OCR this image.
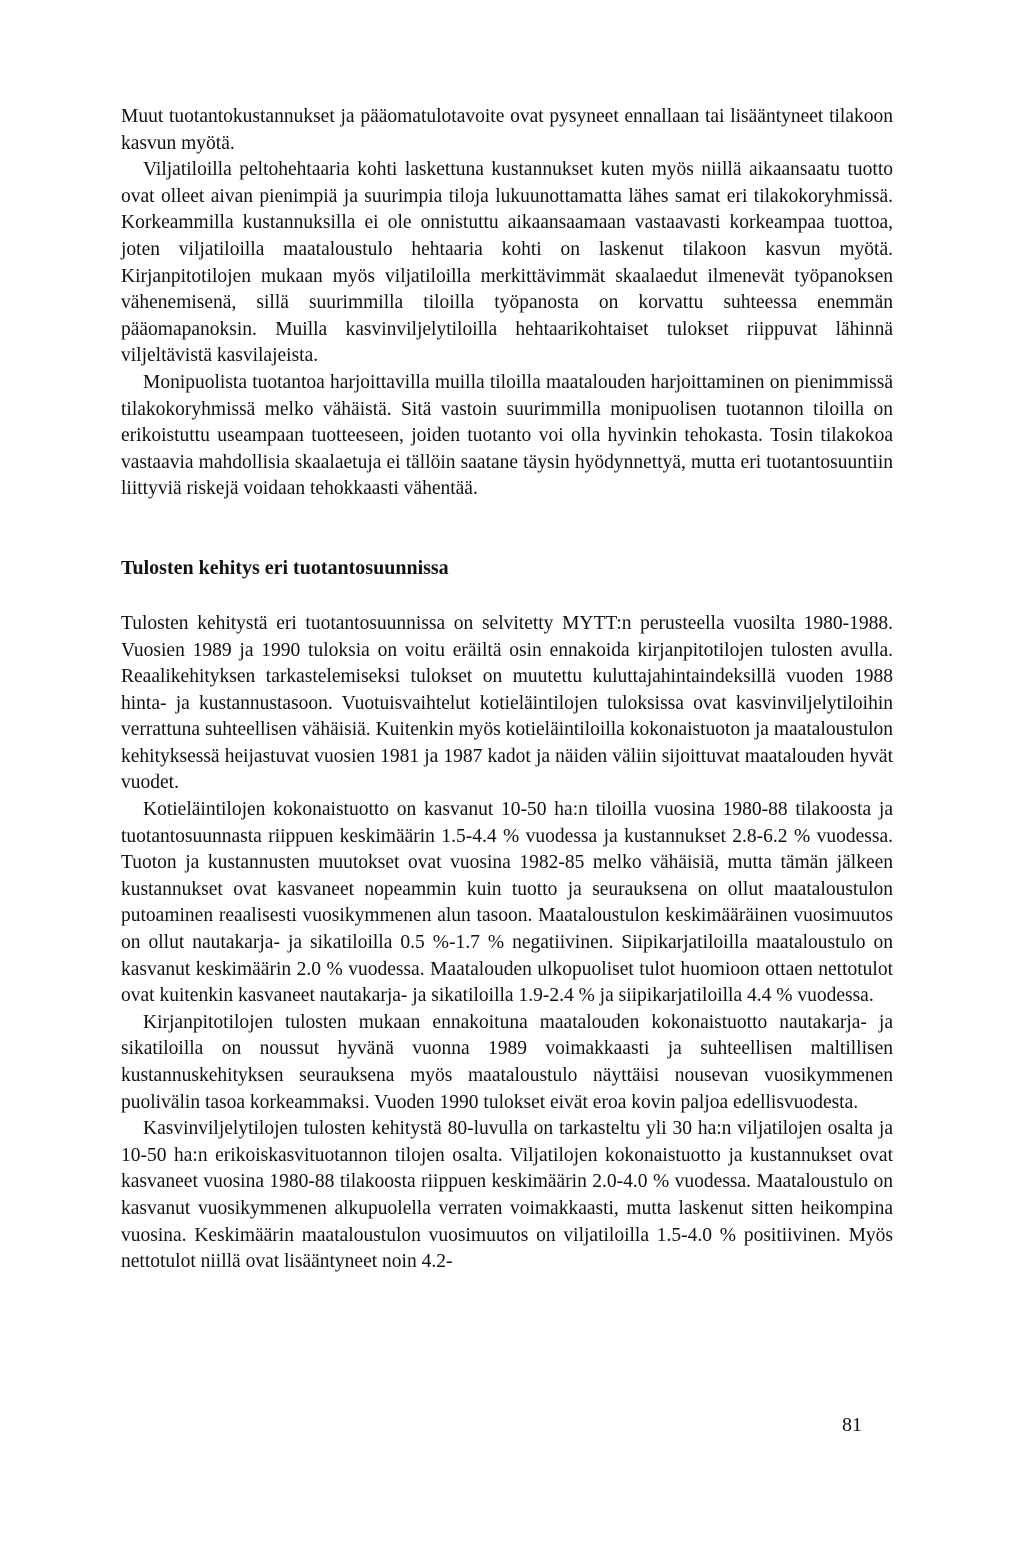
Muut tuotantokustannukset ja pääomatulotavoite ovat pysyneet ennallaan tai lisääntyneet tilakoon kasvun myötä.

Viljatiloilla peltohehtaaria kohti laskettuna kustannukset kuten myös niillä aikaansaatu tuotto ovat olleet aivan pienimpiä ja suurimpia tiloja lukuunottamatta lähes samat eri tilakokoryhmissä. Korkeammilla kustannuksilla ei ole onnistuttu aikaansaamaan vastaavasti korkeampaa tuottoa, joten viljatiloilla maataloustulo hehtaaria kohti on laskenut tilakoon kasvun myötä. Kirjanpitotilojen mukaan myös viljatiloilla merkittävimmät skaalaedut ilmenevät työpanoksen vähenemisenä, sillä suurimmilla tiloilla työpanosta on korvattu suhteessa enemmän pääomapanoksin. Muilla kasvinviljelytiloilla hehtaarikohtaiset tulokset riippuvat lähinnä viljeltävistä kasvilajeista.

Monipuolista tuotantoa harjoittavilla muilla tiloilla maatalouden harjoittaminen on pienimmissä tilakokoryhmissä melko vähäistä. Sitä vastoin suurimmilla monipuolisen tuotannon tiloilla on erikoistuttu useampaan tuotteeseen, joiden tuotanto voi olla hyvinkin tehokasta. Tosin tilakokoa vastaavia mahdollisia skaalaetuja ei tällöin saatane täysin hyödynnettyä, mutta eri tuotantosuuntiin liittyviä riskejä voidaan tehokkaasti vähentää.

Tulosten kehitys eri tuotantosuunnissa

Tulosten kehitystä eri tuotantosuunnissa on selvitetty MYTT:n perusteella vuosilta 1980-1988. Vuosien 1989 ja 1990 tuloksia on voitu eräiltä osin ennakoida kirjanpitotilojen tulosten avulla. Reaalikehityksen tarkastelemiseksi tulokset on muutettu kuluttajahintaindeksillä vuoden 1988 hinta- ja kustannustasoon. Vuotuisvaihtelut kotieläintilojen tuloksissa ovat kasvinviljelytiloihin verrattuna suhteellisen vähäisiä. Kuitenkin myös kotieläintiloilla kokonaistuoton ja maataloustulon kehityksessä heijastuvat vuosien 1981 ja 1987 kadot ja näiden väliin sijoittuvat maatalouden hyvät vuodet.

Kotieläintilojen kokonaistuotto on kasvanut 10-50 ha:n tiloilla vuosina 1980-88 tilakoosta ja tuotantosuunnasta riippuen keskimäärin 1.5-4.4 % vuodessa ja kustannukset 2.8-6.2 % vuodessa. Tuoton ja kustannusten muutokset ovat vuosina 1982-85 melko vähäisiä, mutta tämän jälkeen kustannukset ovat kasvaneet nopeammin kuin tuotto ja seurauksena on ollut maataloustulon putoaminen reaalisesti vuosikymmenen alun tasoon. Maataloustulon keskimääräinen vuosimuutos on ollut nautakarja- ja sikatiloilla 0.5 %-1.7 % negatiivinen. Siipikarjatiloilla maataloustulo on kasvanut keskimäärin 2.0 % vuodessa. Maatalouden ulkopuoliset tulot huomioon ottaen nettotulot ovat kuitenkin kasvaneet nautakarja- ja sikatiloilla 1.9-2.4 % ja siipikarjatiloilla 4.4 % vuodessa.

Kirjanpitotilojen tulosten mukaan ennakoituna maatalouden kokonaistuotto nautakarja- ja sikatiloilla on noussut hyvänä vuonna 1989 voimakkaasti ja suhteellisen maltillisen kustannuskehityksen seurauksena myös maataloustulo näyttäisi nousevan vuosikymmenen puolivälin tasoa korkeammaksi. Vuoden 1990 tulokset eivät eroa kovin paljoa edellisvuodesta.

Kasvinviljelytilojen tulosten kehitystä 80-luvulla on tarkasteltu yli 30 ha:n viljatilojen osalta ja 10-50 ha:n erikoiskasvituotannon tilojen osalta. Viljatilojen kokonaistuotto ja kustannukset ovat kasvaneet vuosina 1980-88 tilakoosta riippuen keskimäärin 2.0-4.0 % vuodessa. Maataloustulo on kasvanut vuosikymmenen alkupuolella verraten voimakkaasti, mutta laskenut sitten heikompina vuosina. Keskimäärin maataloustulon vuosimuutos on viljatiloilla 1.5-4.0 % positiivinen. Myös nettotulot niillä ovat lisääntyneet noin 4.2-

81
